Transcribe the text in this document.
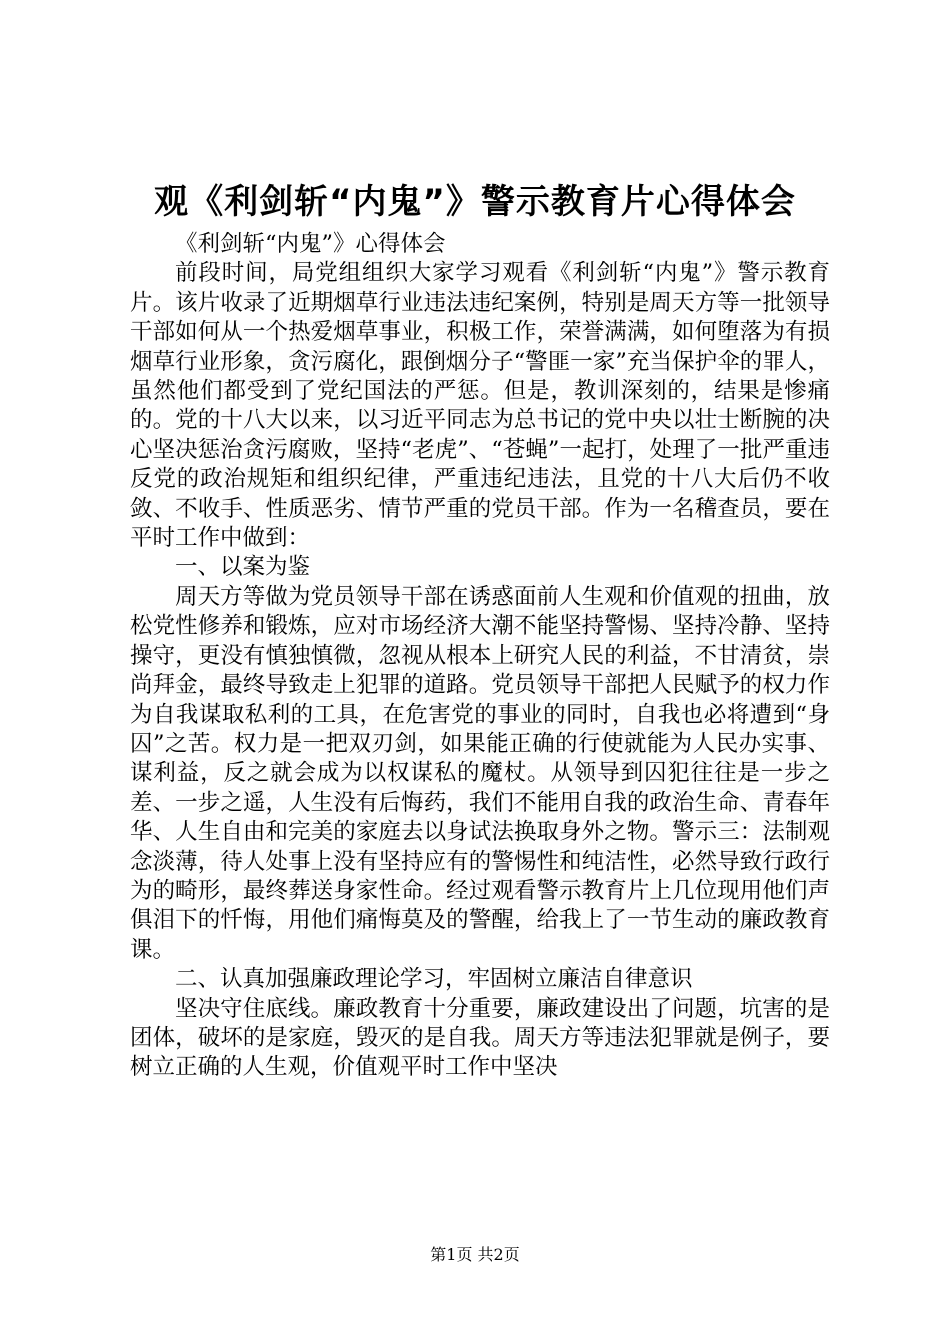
观《利剑斩“内鬼”》警示教育片心得体会

《利剑斩“内鬼”》心得体会

前段时间，局党组组织大家学习观看《利剑斩“内鬼”》警示教育片。该片收录了近期烟草行业违法违纪案例，特别是周天方等一批领导干部如何从一个热爱烟草事业，积极工作，荣誉满满，如何堕落为有损烟草行业形象，贪污腐化，跟倒烟分子“警匪一家”充当保护伞的罪人，虽然他们都受到了党纪国法的严惩。但是，教训深刻的，结果是惨痛的。党的十八大以来，以习近平同志为总书记的党中央以壮士断腕的决心坚决惩治贪污腐败，坚持“老虎”、“苍蝇”一起打，处理了一批严重违反党的政治规矩和组织纪律，严重违纪违法，且党的十八大后仍不收敛、不收手、性质恶劣、情节严重的党员干部。作为一名稽查员，要在平时工作中做到：

一、以案为鉴

周天方等做为党员领导干部在诱惑面前人生观和价值观的扭曲，放松党性修养和锻炼，应对市场经济大潮不能坚持警惕、坚持冷静、坚持操守，更没有慎独慎微，忽视从根本上研究人民的利益，不甘清贫，崇尚拜金，最终导致走上犯罪的道路。党员领导干部把人民赋予的权力作为自我谋取私利的工具，在危害党的事业的同时，自我也必将遭到“身囚”之苦。权力是一把双刃剑，如果能正确的行使就能为人民办实事、谋利益，反之就会成为以权谋私的魔杖。从领导到囚犯往往是一步之差、一步之遥，人生没有后悔药，我们不能用自我的政治生命、青春年华、人生自由和完美的家庭去以身试法换取身外之物。警示三：法制观念淡薄，待人处事上没有坚持应有的警惕性和纯洁性，必然导致行政行为的畸形，最终葬送身家性命。经过观看警示教育片上几位现用他们声俱泪下的忏悔，用他们痛悔莫及的警醒，给我上了一节生动的廉政教育课。

二、认真加强廉政理论学习，牢固树立廉洁自律意识

坚决守住底线。廉政教育十分重要，廉政建设出了问题，坑害的是团体，破坏的是家庭，毁灭的是自我。周天方等违法犯罪就是例子，要树立正确的人生观，价值观平时工作中坚决

第1页 共2页
